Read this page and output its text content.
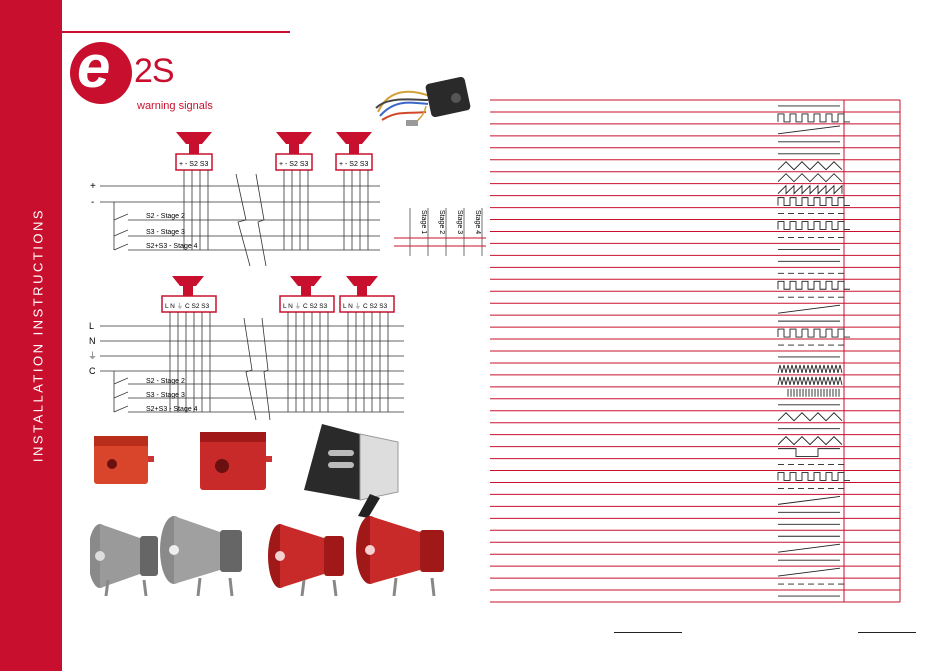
INSTALLATION INSTRUCTIONS
e 2S
warning signals
+ - S2 S3	+ - S2 S3	+ - S2 S3
+
-
S2 - Stage 2
S3 - Stage 3
S2+S3 - Stage 4
Stage 1 Stage 2 Stage 3 Stage 4
L N ⏚ C S2 S3	L N ⏚ C S2 S3 L N ⏚ C S2 S3
L
N
⏚
C
S2 - Stage 2
S3 - Stage 3
S2+S3 - Stage 4
